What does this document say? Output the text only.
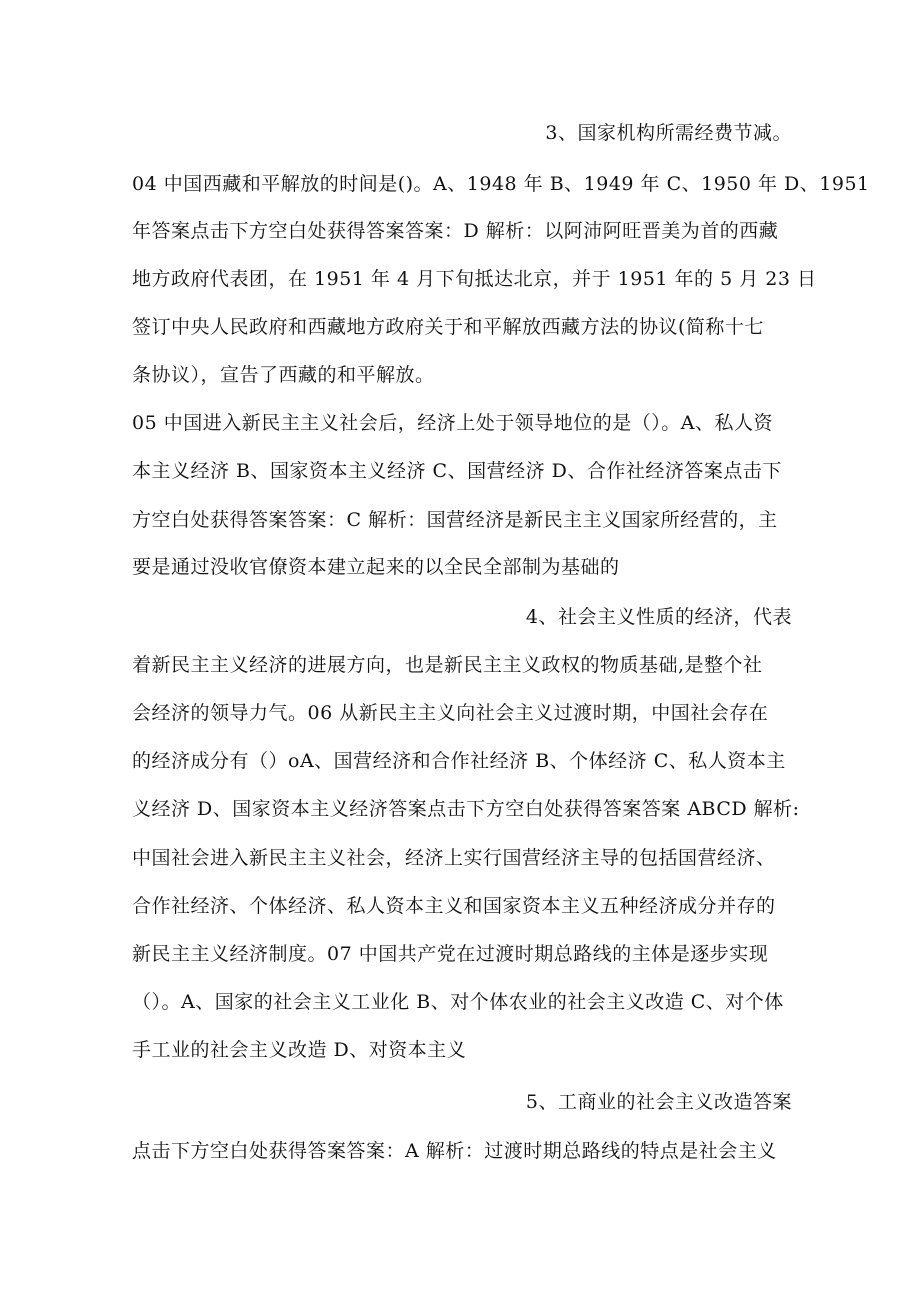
3、国家机构所需经费节减。
04 中国西藏和平解放的时间是()。A、1948 年 B、1949 年 C、1950 年 D、1951
年答案点击下方空白处获得答案答案：D 解析：以阿沛阿旺晋美为首的西藏
地方政府代表团，在 1951 年 4 月下旬抵达北京，并于 1951 年的 5 月 23 日
签订中央人民政府和西藏地方政府关于和平解放西藏方法的协议(简称十七
条协议），宣告了西藏的和平解放。
05 中国进入新民主主义社会后，经济上处于领导地位的是（）。A、私人资
本主义经济 B、国家资本主义经济 C、国营经济 D、合作社经济答案点击下
方空白处获得答案答案：C 解析：国营经济是新民主主义国家所经营的，主
要是通过没收官僚资本建立起来的以全民全部制为基础的
4、社会主义性质的经济，代表
着新民主主义经济的进展方向，也是新民主主义政权的物质基础,是整个社
会经济的领导力气。06 从新民主主义向社会主义过渡时期，中国社会存在
的经济成分有（）oA、国营经济和合作社经济 B、个体经济 C、私人资本主
义经济 D、国家资本主义经济答案点击下方空白处获得答案答案 ABCD 解析:
中国社会进入新民主主义社会，经济上实行国营经济主导的包括国营经济、
合作社经济、个体经济、私人资本主义和国家资本主义五种经济成分并存的
新民主主义经济制度。07 中国共产党在过渡时期总路线的主体是逐步实现
（）。A、国家的社会主义工业化 B、对个体农业的社会主义改造 C、对个体
手工业的社会主义改造 D、对资本主义
5、工商业的社会主义改造答案
点击下方空白处获得答案答案：A 解析：过渡时期总路线的特点是社会主义
